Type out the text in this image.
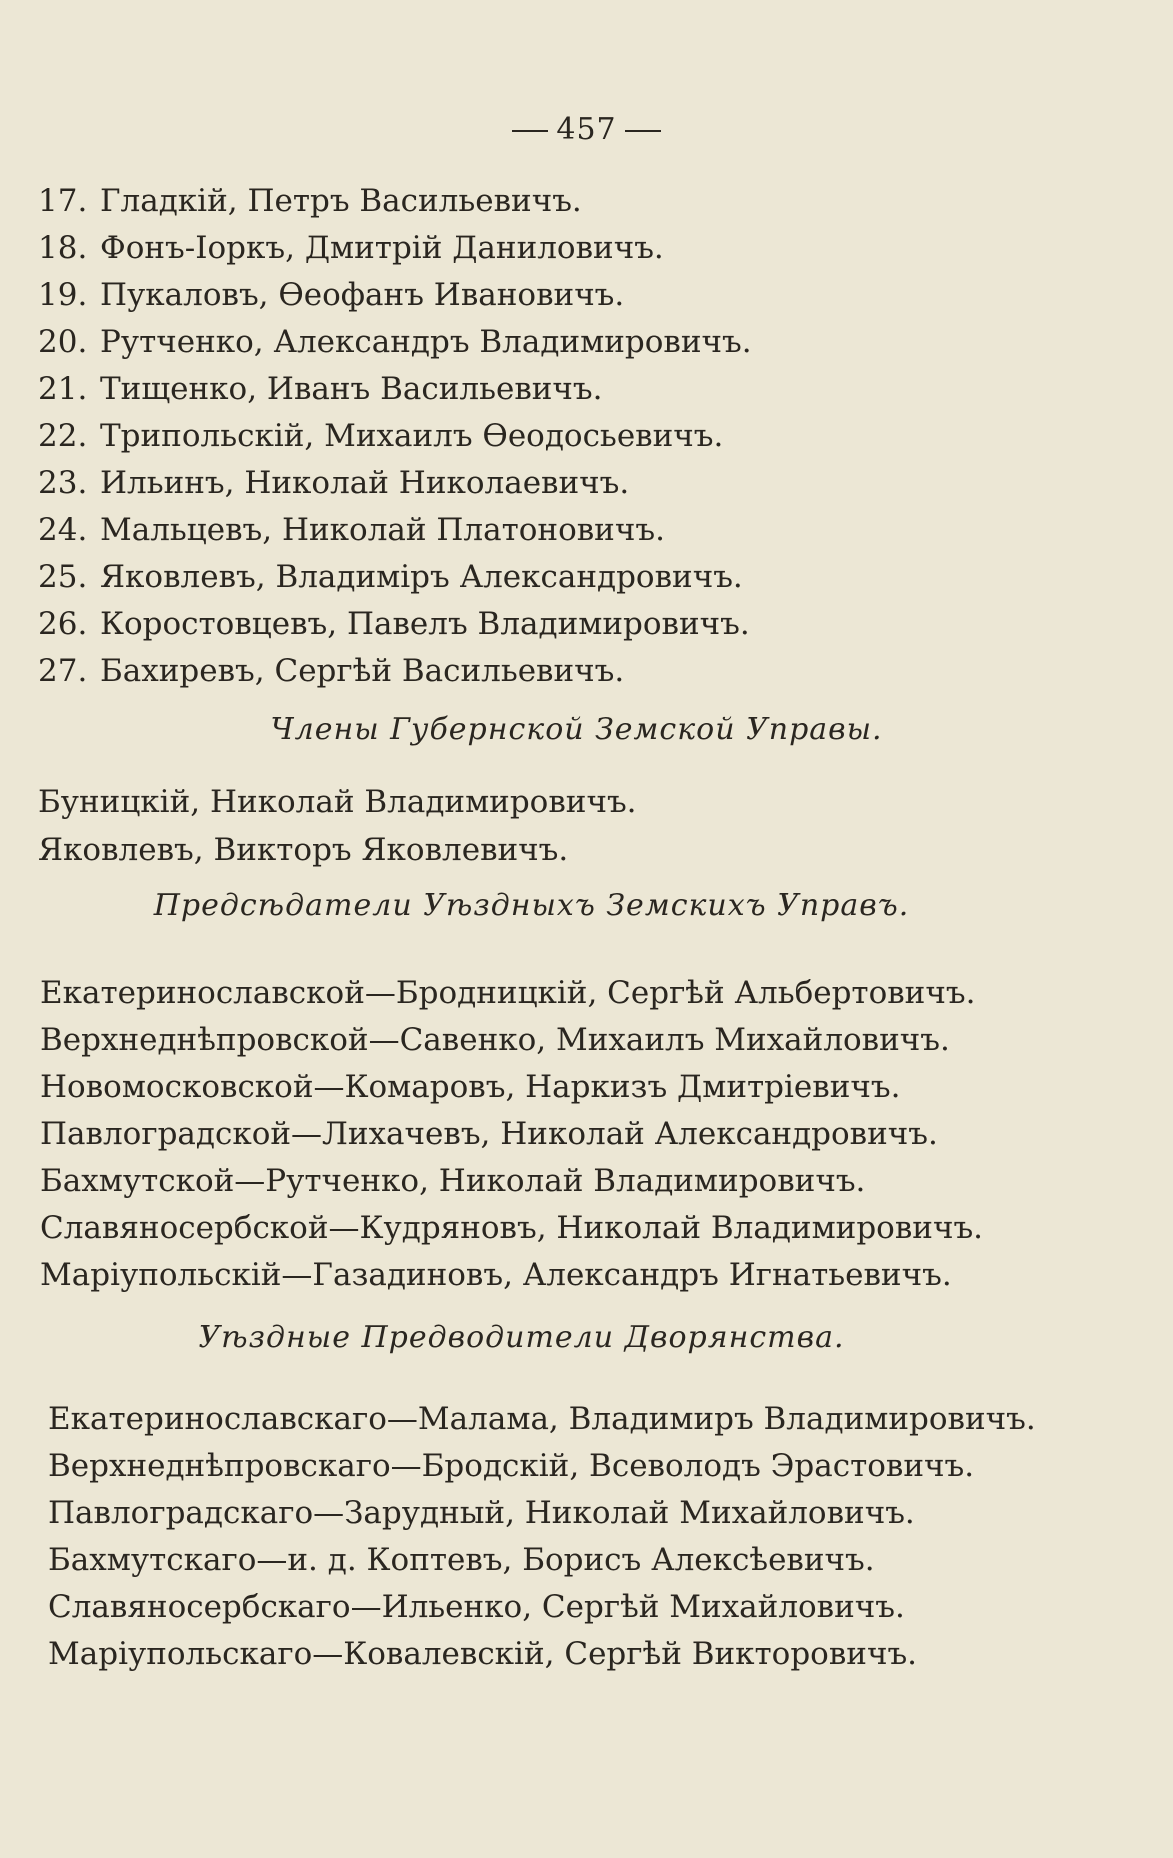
457
17. Гладкiй, Петръ Васильевичъ.
18. Фонъ-Iоркъ, Дмитрiй Даниловичъ.
19. Пукаловъ, Өеофанъ Ивановичъ.
20. Рутченко, Александръ Владимировичъ.
21. Тищенко, Иванъ Васильевичъ.
22. Трипольскiй, Михаилъ Өеодосьевичъ.
23. Ильинъ, Николай Николаевичъ.
24. Мальцевъ, Николай Платоновичъ.
25. Яковлевъ, Владимiръ Александровичъ.
26. Коростовцевъ, Павелъ Владимировичъ.
27. Бахиревъ, Сергѣй Васильевичъ.
Члены Губернской Земской Управы.
Буницкiй, Николай Владимировичъ.
Яковлевъ, Викторъ Яковлевичъ.
Предсѣдатели Уѣздныхъ Земскихъ Управъ.
Екатеринославской—Бродницкiй, Сергѣй Альбертовичъ.
Верхнеднѣпровской—Савенко, Михаилъ Михайловичъ.
Новомосковской—Комаровъ, Наркизъ Дмитрiевичъ.
Павлоградской—Лихачевъ, Николай Александровичъ.
Бахмутской—Рутченко, Николай Владимировичъ.
Славяносербской—Кудряновъ, Николай Владимировичъ.
Марiупольскiй—Газадиновъ, Александръ Игнатьевичъ.
Уѣздные Предводители Дворянства.
Екатеринославскаго—Малама, Владимиръ Владимировичъ.
Верхнеднѣпровскаго—Бродскiй, Всеволодъ Эрастовичъ.
Павлоградскаго—Зарудный, Николай Михайловичъ.
Бахмутскаго—и. д. Коптевъ, Борисъ Алексѣевичъ.
Славяносербскаго—Ильенко, Сергѣй Михайловичъ.
Марiупольскаго—Ковалевскiй, Сергѣй Викторовичъ.
